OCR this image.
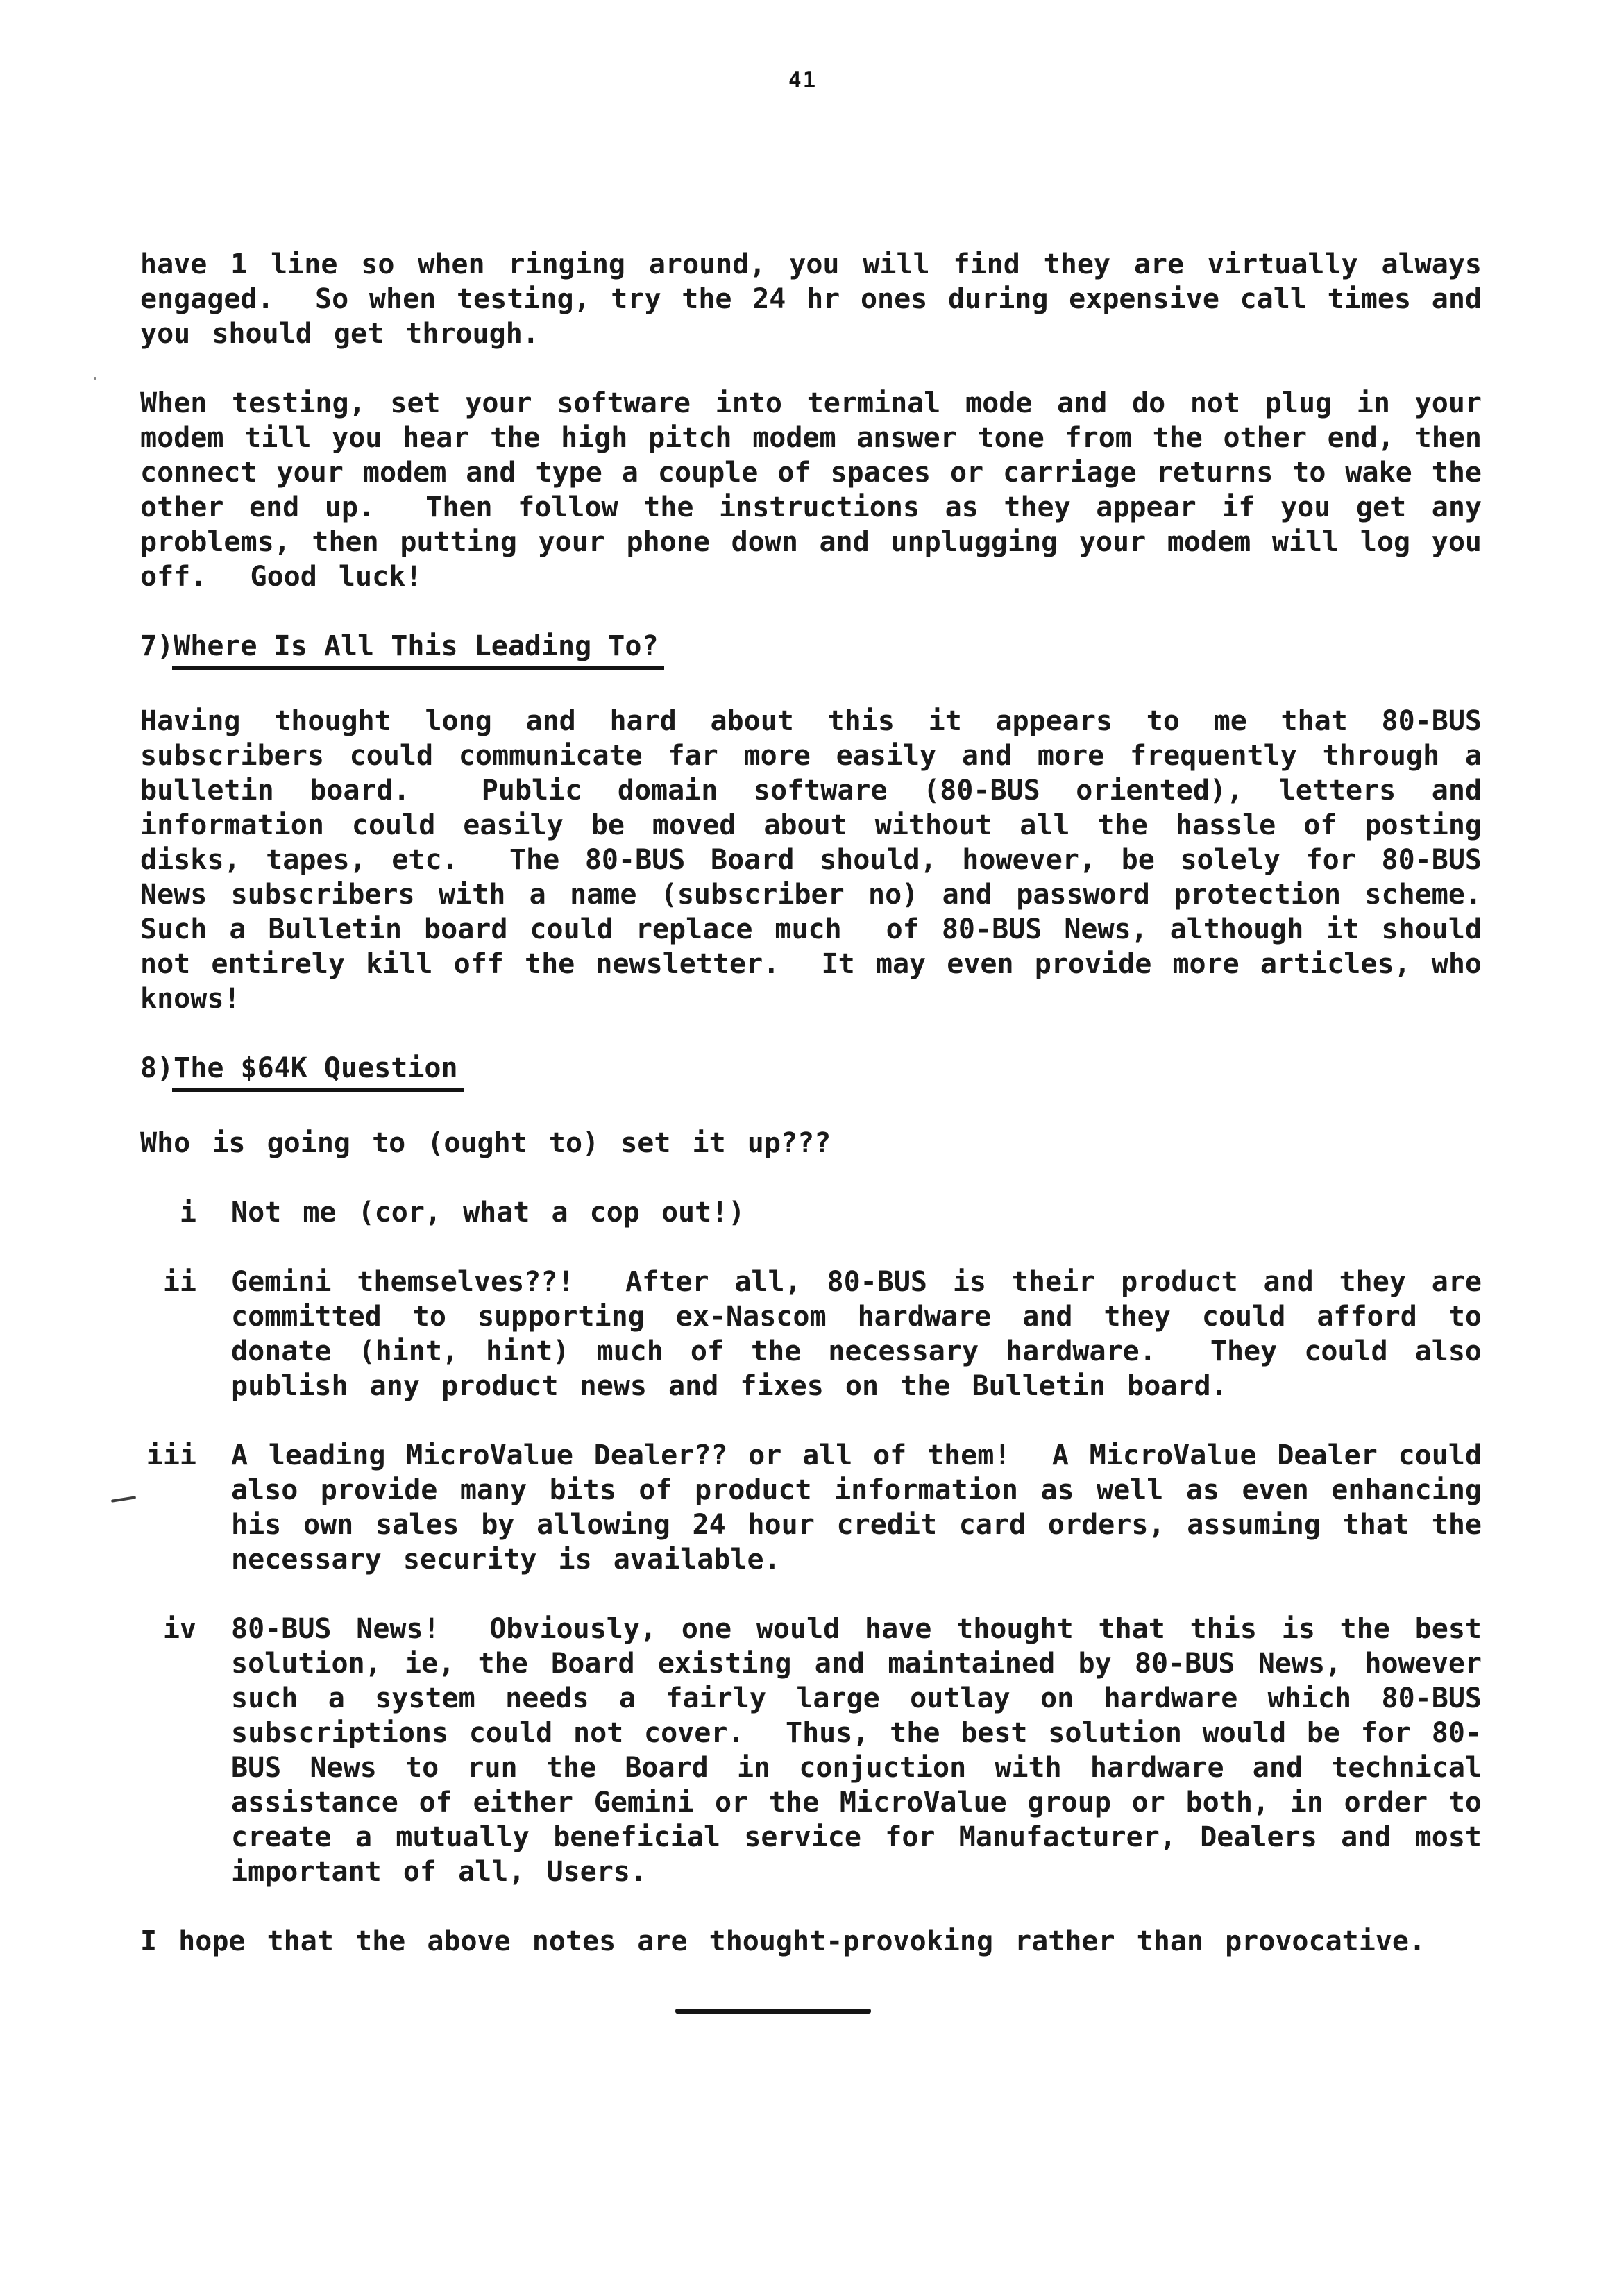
41
have 1 line so when ringing around, you will find they are virtually always
engaged.  So when testing, try the 24 hr ones during expensive call times and
you should get through.
When testing, set your software into terminal mode and do not plug in your
modem till you hear the high pitch modem answer tone from the other end, then
connect your modem and type a couple of spaces or carriage returns to wake the
other end up.  Then follow the instructions as they appear if you get any
problems, then putting your phone down and unplugging your modem will log you
off.  Good luck!
7)Where Is All This Leading To?
Having thought long and hard about this it appears to me that 80-BUS
subscribers could communicate far more easily and more frequently through a
bulletin board.  Public domain software (80-BUS oriented), letters and
information could easily be moved about without all the hassle of posting
disks, tapes, etc.  The 80-BUS Board should, however, be solely for 80-BUS
News subscribers with a name (subscriber no) and password protection scheme.
Such a Bulletin board could replace much  of 80-BUS News, although it should
not entirely kill off the newsletter.  It may even provide more articles, who
knows!
8)The $64K Question
Who is going to (ought to) set it up???
i Not me (cor, what a cop out!)
ii Gemini themselves??!  After all, 80-BUS is their product and they are
committed to supporting ex-Nascom hardware and they could afford to
donate (hint, hint) much of the necessary hardware.  They could also
publish any product news and fixes on the Bulletin board.
iii A leading MicroValue Dealer?? or all of them!  A MicroValue Dealer could
also provide many bits of product information as well as even enhancing
his own sales by allowing 24 hour credit card orders, assuming that the
necessary security is available.
iv 80-BUS News!  Obviously, one would have thought that this is the best
solution, ie, the Board existing and maintained by 80-BUS News, however
such a system needs a fairly large outlay on hardware which 80-BUS
subscriptions could not cover.  Thus, the best solution would be for 80-
BUS News to run the Board in conjuction with hardware and technical
assistance of either Gemini or the MicroValue group or both, in order to
create a mutually beneficial service for Manufacturer, Dealers and most
important of all, Users.
I hope that the above notes are thought-provoking rather than provocative.
